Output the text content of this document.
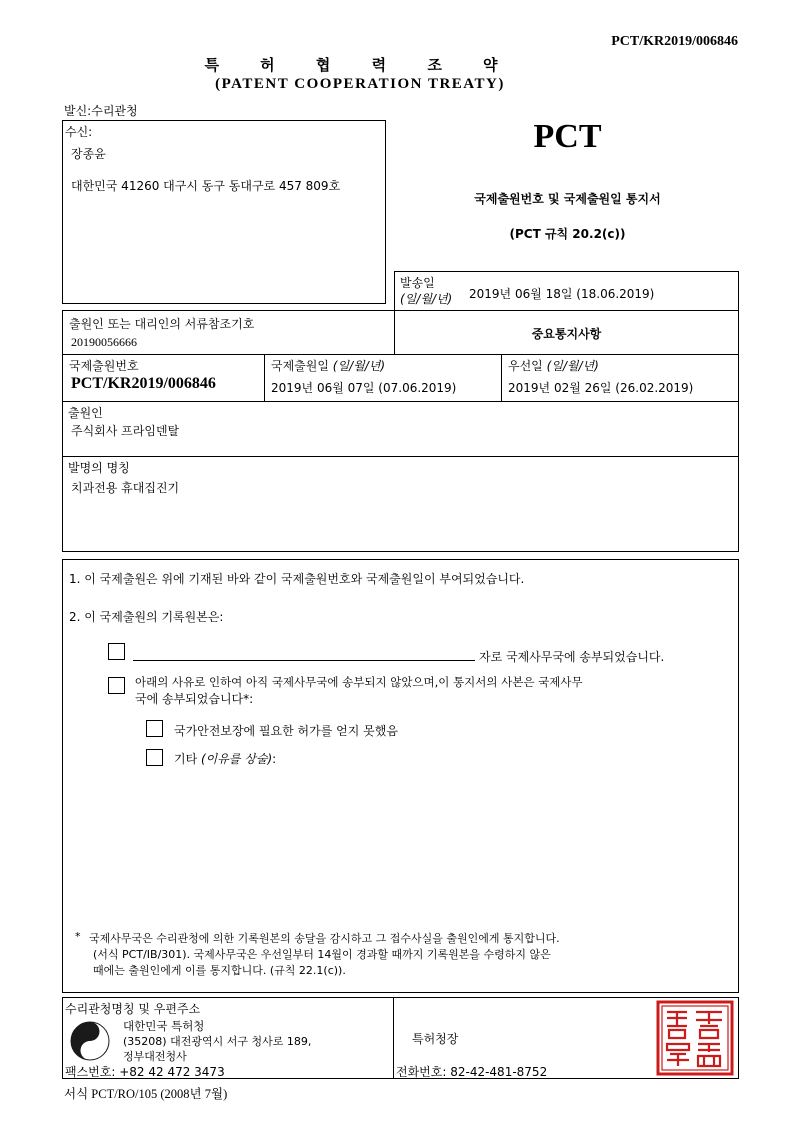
PCT/KR2019/006846
특 허 협 력 조 약
(PATENT COOPERATION TREATY)
발신:수리관청
수신:
장종윤
대한민국 41260 대구시 동구 동대구로 457 809호
PCT
국제출원번호 및 국제출원일 통지서
(PCT 규칙 20.2(c))
발송일
(일/월/년) 2019년 06월 18일 (18.06.2019)
출원인 또는 대리인의 서류참조기호
20190056666
중요통지사항
국제출원번호
PCT/KR2019/006846
국제출원일 (일/월/년)
2019년 06월 07일 (07.06.2019)
우선일 (일/월/년)
2019년 02월 26일 (26.02.2019)
출원인
주식회사 프라임덴탈
발명의 명칭
치과전용 휴대집진기
1. 이 국제출원은 위에 기재된 바와 같이 국제출원번호와 국제출원일이 부여되었습니다.
2. 이 국제출원의 기록원본은:
자로 국제사무국에 송부되었습니다.
아래의 사유로 인하여 아직 국제사무국에 송부되지 않았으며,이 통지서의 사본은 국제사무
국에 송부되었습니다*:
국가안전보장에 필요한 허가를 얻지 못했음
기타 (이유를 상술):
* 국제사무국은 수리관청에 의한 기록원본의 송달을 감시하고 그 접수사실을 출원인에게 통지합니다.
(서식 PCT/IB/301). 국제사무국은 우선일부터 14월이 경과할 때까지 기록원본을 수령하지 않은
때에는 출원인에게 이를 통지합니다. (규칙 22.1(c)).
수리관청명칭 및 우편주소
대한민국 특허청
(35208) 대전광역시 서구 청사로 189,
정부대전청사
팩스번호: +82 42 472 3473
특허청장
전화번호: 82-42-481-8752
서식 PCT/RO/105 (2008년 7월)
